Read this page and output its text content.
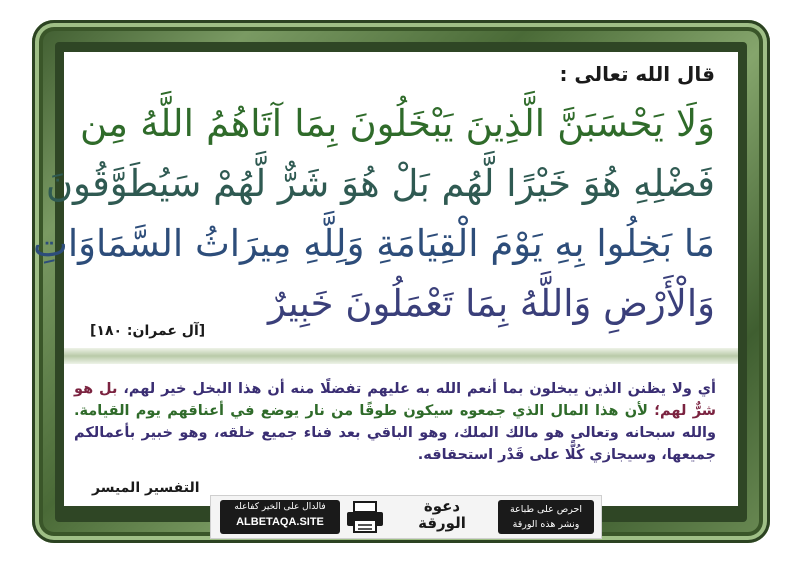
قال الله تعالى :
وَلَا يَحْسَبَنَّ الَّذِينَ يَبْخَلُونَ بِمَا آتَاهُمُ اللَّهُ مِن
فَضْلِهِ هُوَ خَيْرًا لَّهُم بَلْ هُوَ شَرٌّ لَّهُمْ سَيُطَوَّقُونَ
مَا بَخِلُوا بِهِ يَوْمَ الْقِيَامَةِ وَلِلَّهِ مِيرَاثُ السَّمَاوَاتِ
وَالْأَرْضِ وَاللَّهُ بِمَا تَعْمَلُونَ خَبِيرٌ
[آل عمران: ١٨٠]
أي ولا يظنن الذين يبخلون بما أنعم الله به عليهم تفضلًا منه أن هذا البخل خير لهم، بل هو شرٌّ لهم؛ لأن هذا المال الذي جمعوه سيكون طوقًا من نار يوضع في أعناقهم يوم القيامة. والله سبحانه وتعالى هو مالك الملك، وهو الباقي بعد فناء جميع خلقه، وهو خبير بأعمالكم جميعها، وسيجازي كُلًّا على قَدْر استحقاقه.
التفسير الميسر
فالدال على الخير كفاعله
ALBETAQA.SITE
دعوة
الورقة
احرص على طباعة
ونشر هذه الورقة
